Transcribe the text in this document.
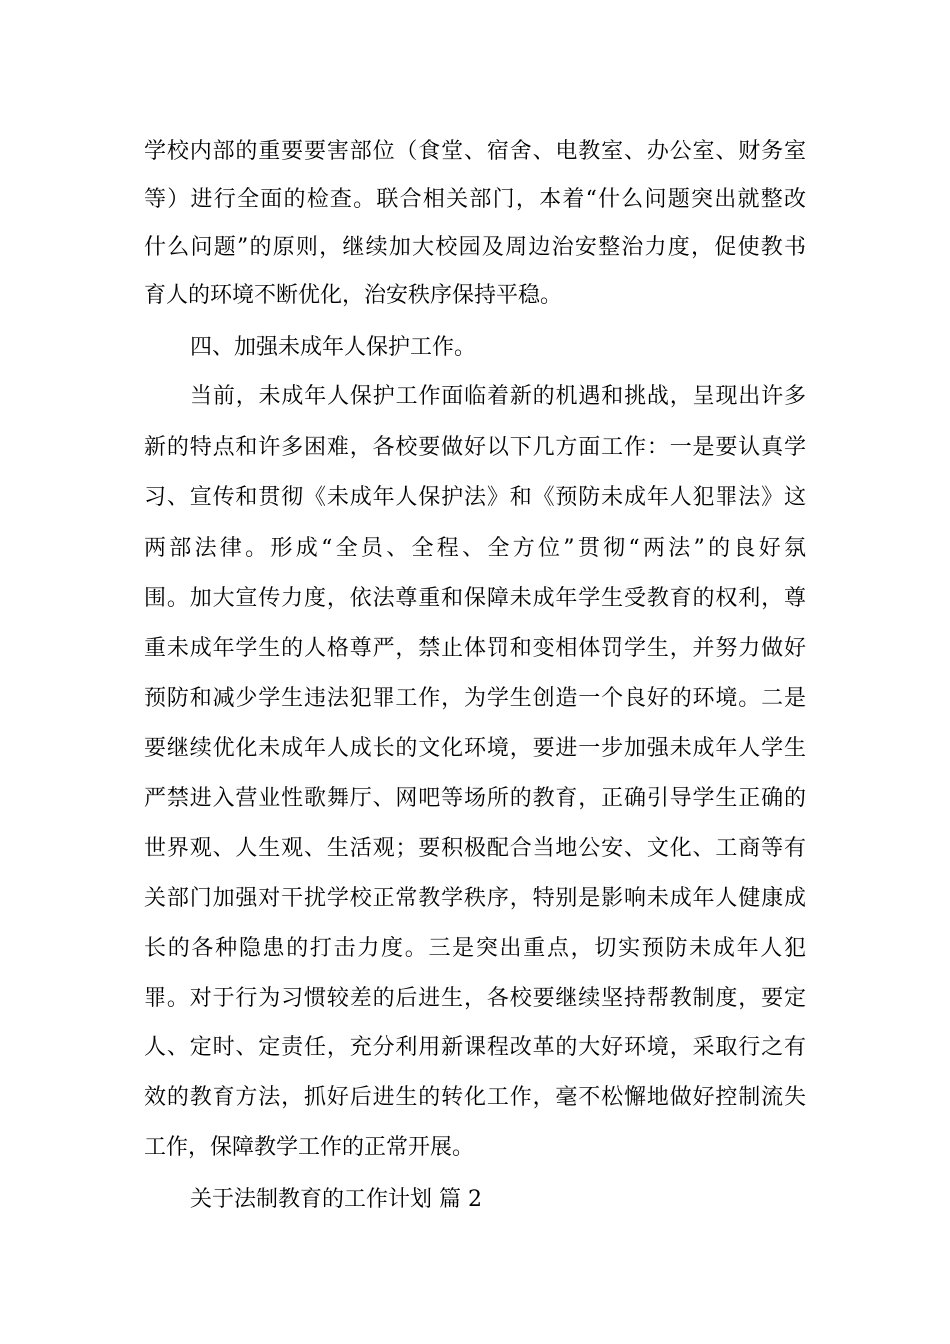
学校内部的重要要害部位（食堂、宿舍、电教室、办公室、财务室
等）进行全面的检查。联合相关部门，本着“什么问题突出就整改
什么问题”的原则，继续加大校园及周边治安整治力度，促使教书
育人的环境不断优化，治安秩序保持平稳。
四、加强未成年人保护工作。
当前，未成年人保护工作面临着新的机遇和挑战，呈现出许多
新的特点和许多困难，各校要做好以下几方面工作：一是要认真学
习、宣传和贯彻《未成年人保护法》和《预防未成年人犯罪法》这
两部法律。形成“全员、全程、全方位”贯彻“两法”的良好氛
围。加大宣传力度，依法尊重和保障未成年学生受教育的权利，尊
重未成年学生的人格尊严，禁止体罚和变相体罚学生，并努力做好
预防和减少学生违法犯罪工作，为学生创造一个良好的环境。二是
要继续优化未成年人成长的文化环境，要进一步加强未成年人学生
严禁进入营业性歌舞厅、网吧等场所的教育，正确引导学生正确的
世界观、人生观、生活观；要积极配合当地公安、文化、工商等有
关部门加强对干扰学校正常教学秩序，特别是影响未成年人健康成
长的各种隐患的打击力度。三是突出重点，切实预防未成年人犯
罪。对于行为习惯较差的后进生，各校要继续坚持帮教制度，要定
人、定时、定责任，充分利用新课程改革的大好环境，采取行之有
效的教育方法，抓好后进生的转化工作，毫不松懈地做好控制流失
工作，保障教学工作的正常开展。
关于法制教育的工作计划 篇 2
